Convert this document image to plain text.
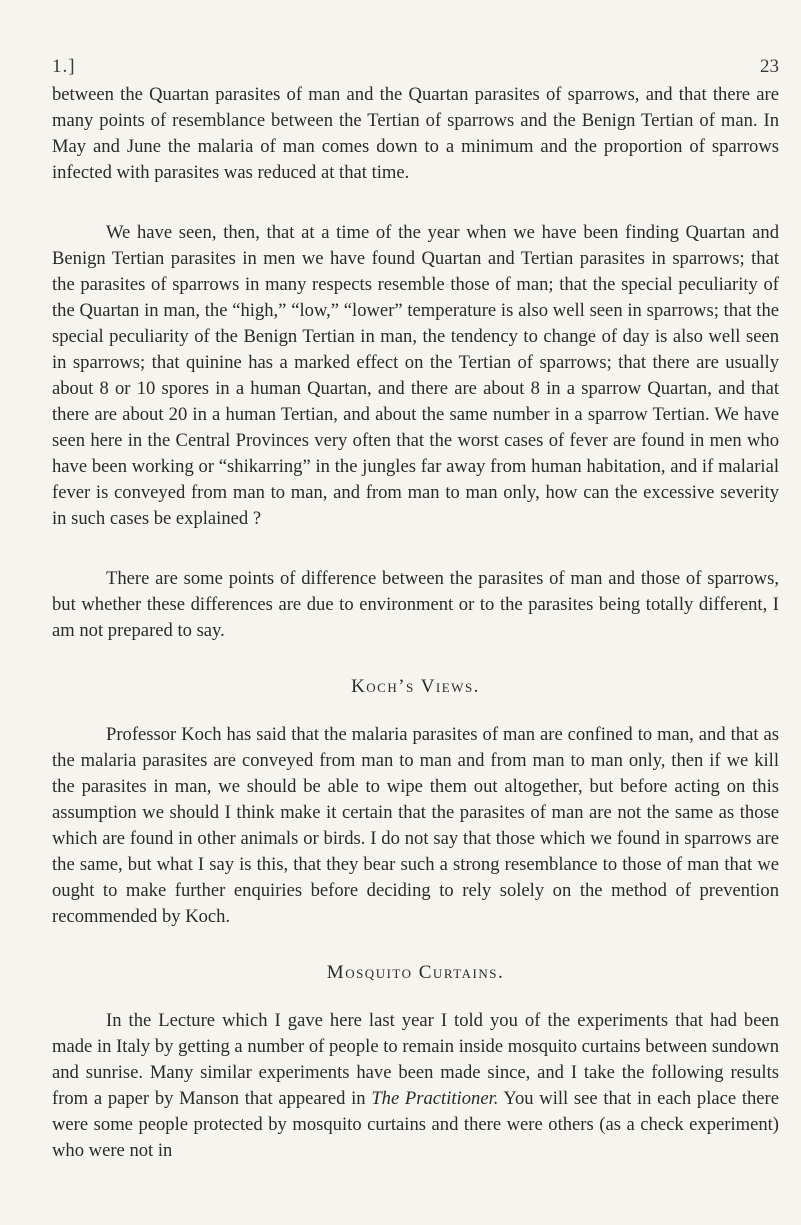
1.]	23

between the Quartan parasites of man and the Quartan parasites of sparrows, and that there are many points of resemblance between the Tertian of sparrows and the Benign Tertian of man. In May and June the malaria of man comes down to a minimum and the proportion of sparrows infected with parasites was reduced at that time.

We have seen, then, that at a time of the year when we have been finding Quartan and Benign Tertian parasites in men we have found Quartan and Tertian parasites in sparrows; that the parasites of sparrows in many respects resemble those of man; that the special peculiarity of the Quartan in man, the “high,” “low,” “lower” temperature is also well seen in sparrows; that the special peculiarity of the Benign Tertian in man, the tendency to change of day is also well seen in sparrows; that quinine has a marked effect on the Tertian of sparrows; that there are usually about 8 or 10 spores in a human Quartan, and there are about 8 in a sparrow Quartan, and that there are about 20 in a human Tertian, and about the same number in a sparrow Tertian. We have seen here in the Central Provinces very often that the worst cases of fever are found in men who have been working or “shikarring” in the jungles far away from human habitation, and if malarial fever is conveyed from man to man, and from man to man only, how can the excessive severity in such cases be explained ?

There are some points of difference between the parasites of man and those of sparrows, but whether these differences are due to environment or to the parasites being totally different, I am not prepared to say.

Koch’s Views.

Professor Koch has said that the malaria parasites of man are confined to man, and that as the malaria parasites are conveyed from man to man and from man to man only, then if we kill the parasites in man, we should be able to wipe them out altogether, but before acting on this assumption we should I think make it certain that the parasites of man are not the same as those which are found in other animals or birds. I do not say that those which we found in sparrows are the same, but what I say is this, that they bear such a strong resemblance to those of man that we ought to make further enquiries before deciding to rely solely on the method of prevention recommended by Koch.

Mosquito Curtains.

In the Lecture which I gave here last year I told you of the experiments that had been made in Italy by getting a number of people to remain inside mosquito curtains between sundown and sunrise. Many similar experiments have been made since, and I take the following results from a paper by Manson that appeared in The Practitioner. You will see that in each place there were some people protected by mosquito curtains and there were others (as a check experiment) who were not in
